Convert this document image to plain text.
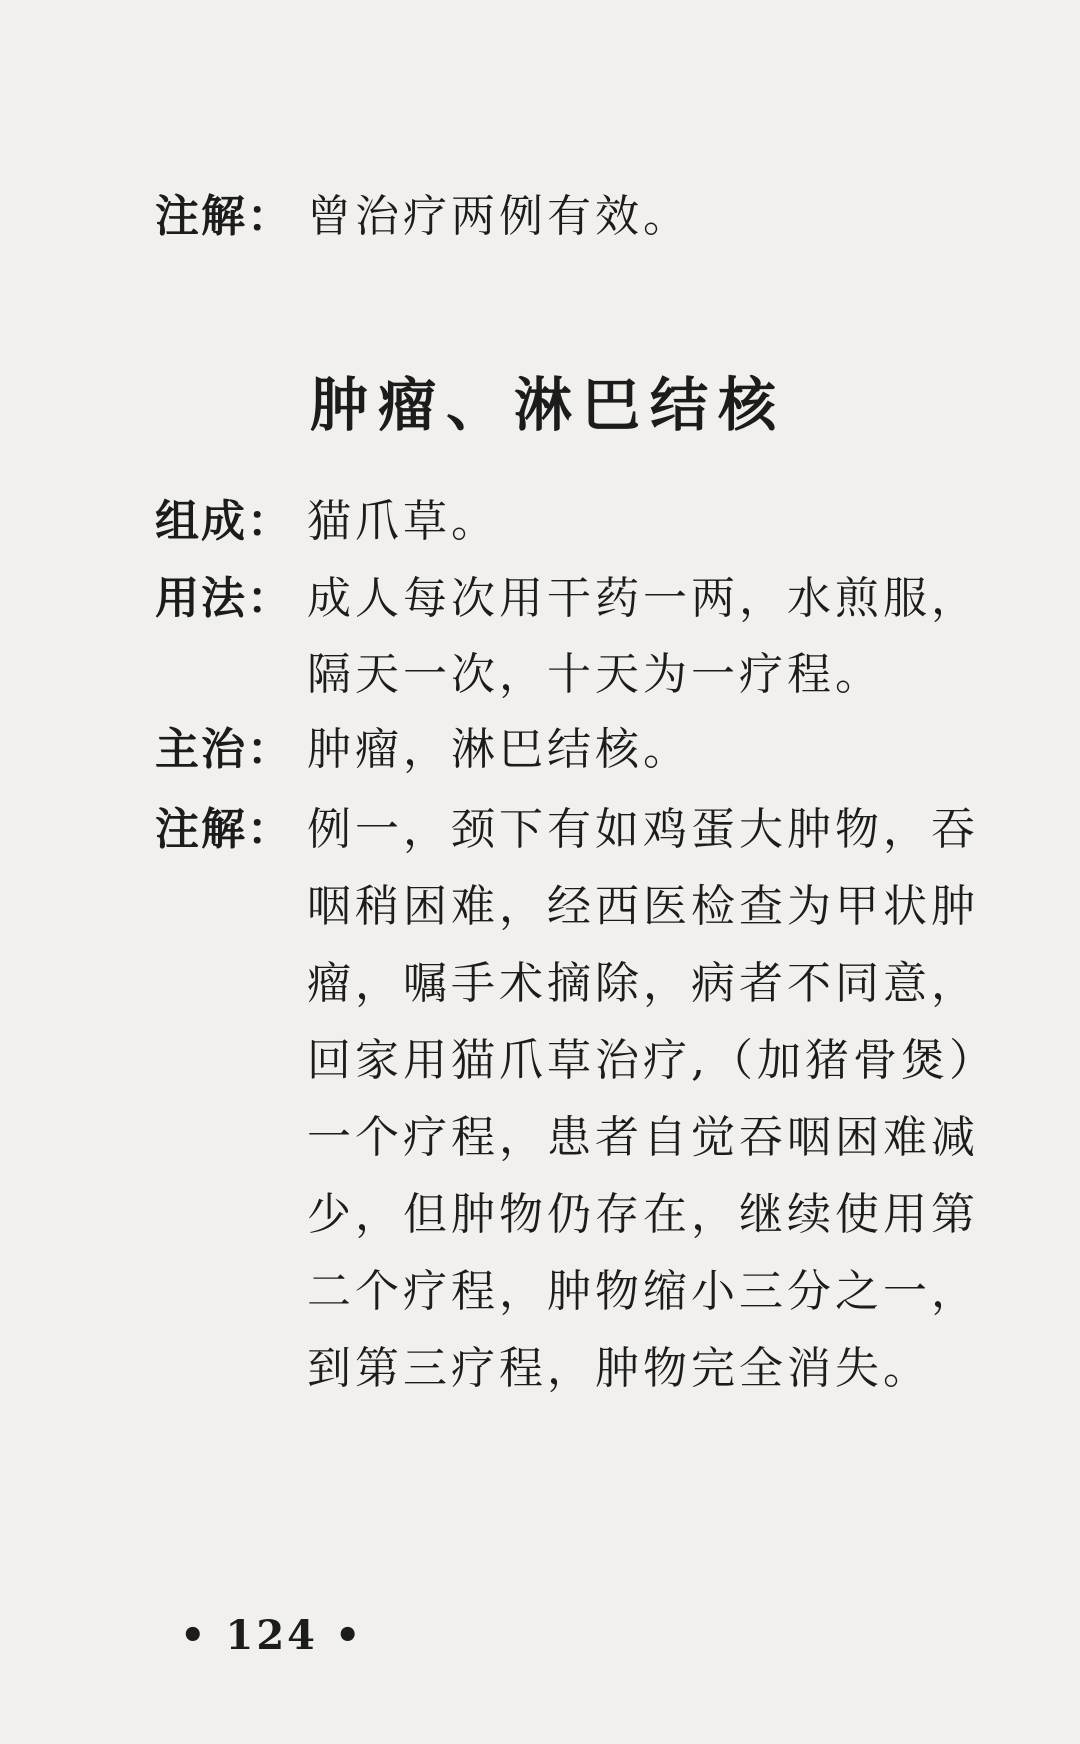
注解： 曾治疗两例有效。
肿瘤、淋巴结核
组成： 猫爪草。
用法： 成人每次用干药一两，水煎服，
隔天一次，十天为一疗程。
主治： 肿瘤，淋巴结核。
注解： 例一，颈下有如鸡蛋大肿物，吞
咽稍困难，经西医检查为甲状肿
瘤，嘱手术摘除，病者不同意，
回家用猫爪草治疗,（加猪骨煲）
一个疗程，患者自觉吞咽困难减
少，但肿物仍存在，继续使用第
二个疗程，肿物缩小三分之一，
到第三疗程，肿物完全消失。
• 124 •
